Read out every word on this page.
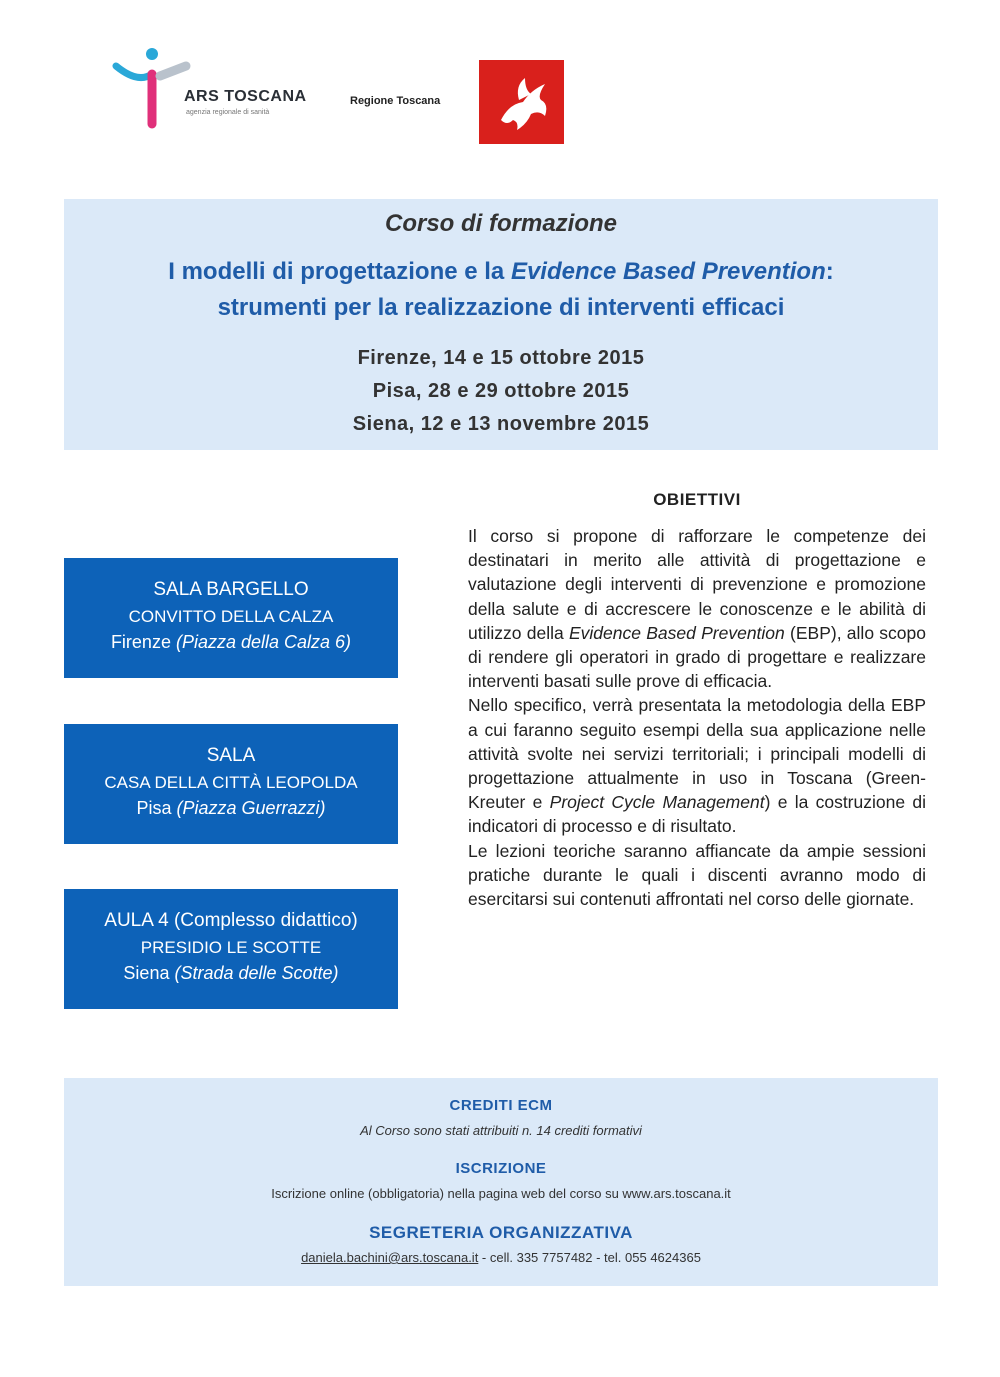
ARS TOSCANA
agenzia regionale di sanità
Regione Toscana
Corso di formazione
I modelli di progettazione e la Evidence Based Prevention:
strumenti per la realizzazione di interventi efficaci
Firenze, 14 e 15 ottobre 2015
Pisa, 28 e 29 ottobre 2015
Siena, 12 e 13 novembre 2015
SALA BARGELLO
CONVITTO DELLA CALZA
Firenze (Piazza della Calza 6)
SALA
CASA DELLA CITTÀ LEOPOLDA
Pisa (Piazza Guerrazzi)
AULA 4 (Complesso didattico)
PRESIDIO LE SCOTTE
Siena (Strada delle Scotte)
OBIETTIVI

Il corso si propone di rafforzare le competenze dei destinatari in merito alle attività di progettazione e valutazione degli interventi di prevenzione e promozione della salute e di accrescere le conoscenze e le abilità di utilizzo della Evidence Based Prevention (EBP), allo scopo di rendere gli operatori in grado di progettare e realizzare interventi basati sulle prove di efficacia.

Nello specifico, verrà presentata la metodologia della EBP a cui faranno seguito esempi della sua applicazione nelle attività svolte nei servizi territoriali; i principali modelli di progettazione attualmente in uso in Toscana (Green-Kreuter e Project Cycle Management) e la costruzione di indicatori di processo e di risultato.

Le lezioni teoriche saranno affiancate da ampie sessioni pratiche durante le quali i discenti avranno modo di esercitarsi sui contenuti affrontati nel corso delle giornate.

CREDITI ECM
Al Corso sono stati attribuiti n. 14 crediti formativi
ISCRIZIONE
Iscrizione online (obbligatoria) nella pagina web del corso su www.ars.toscana.it
SEGRETERIA ORGANIZZATIVA
daniela.bachini@ars.toscana.it - cell. 335 7757482 - tel. 055 4624365
